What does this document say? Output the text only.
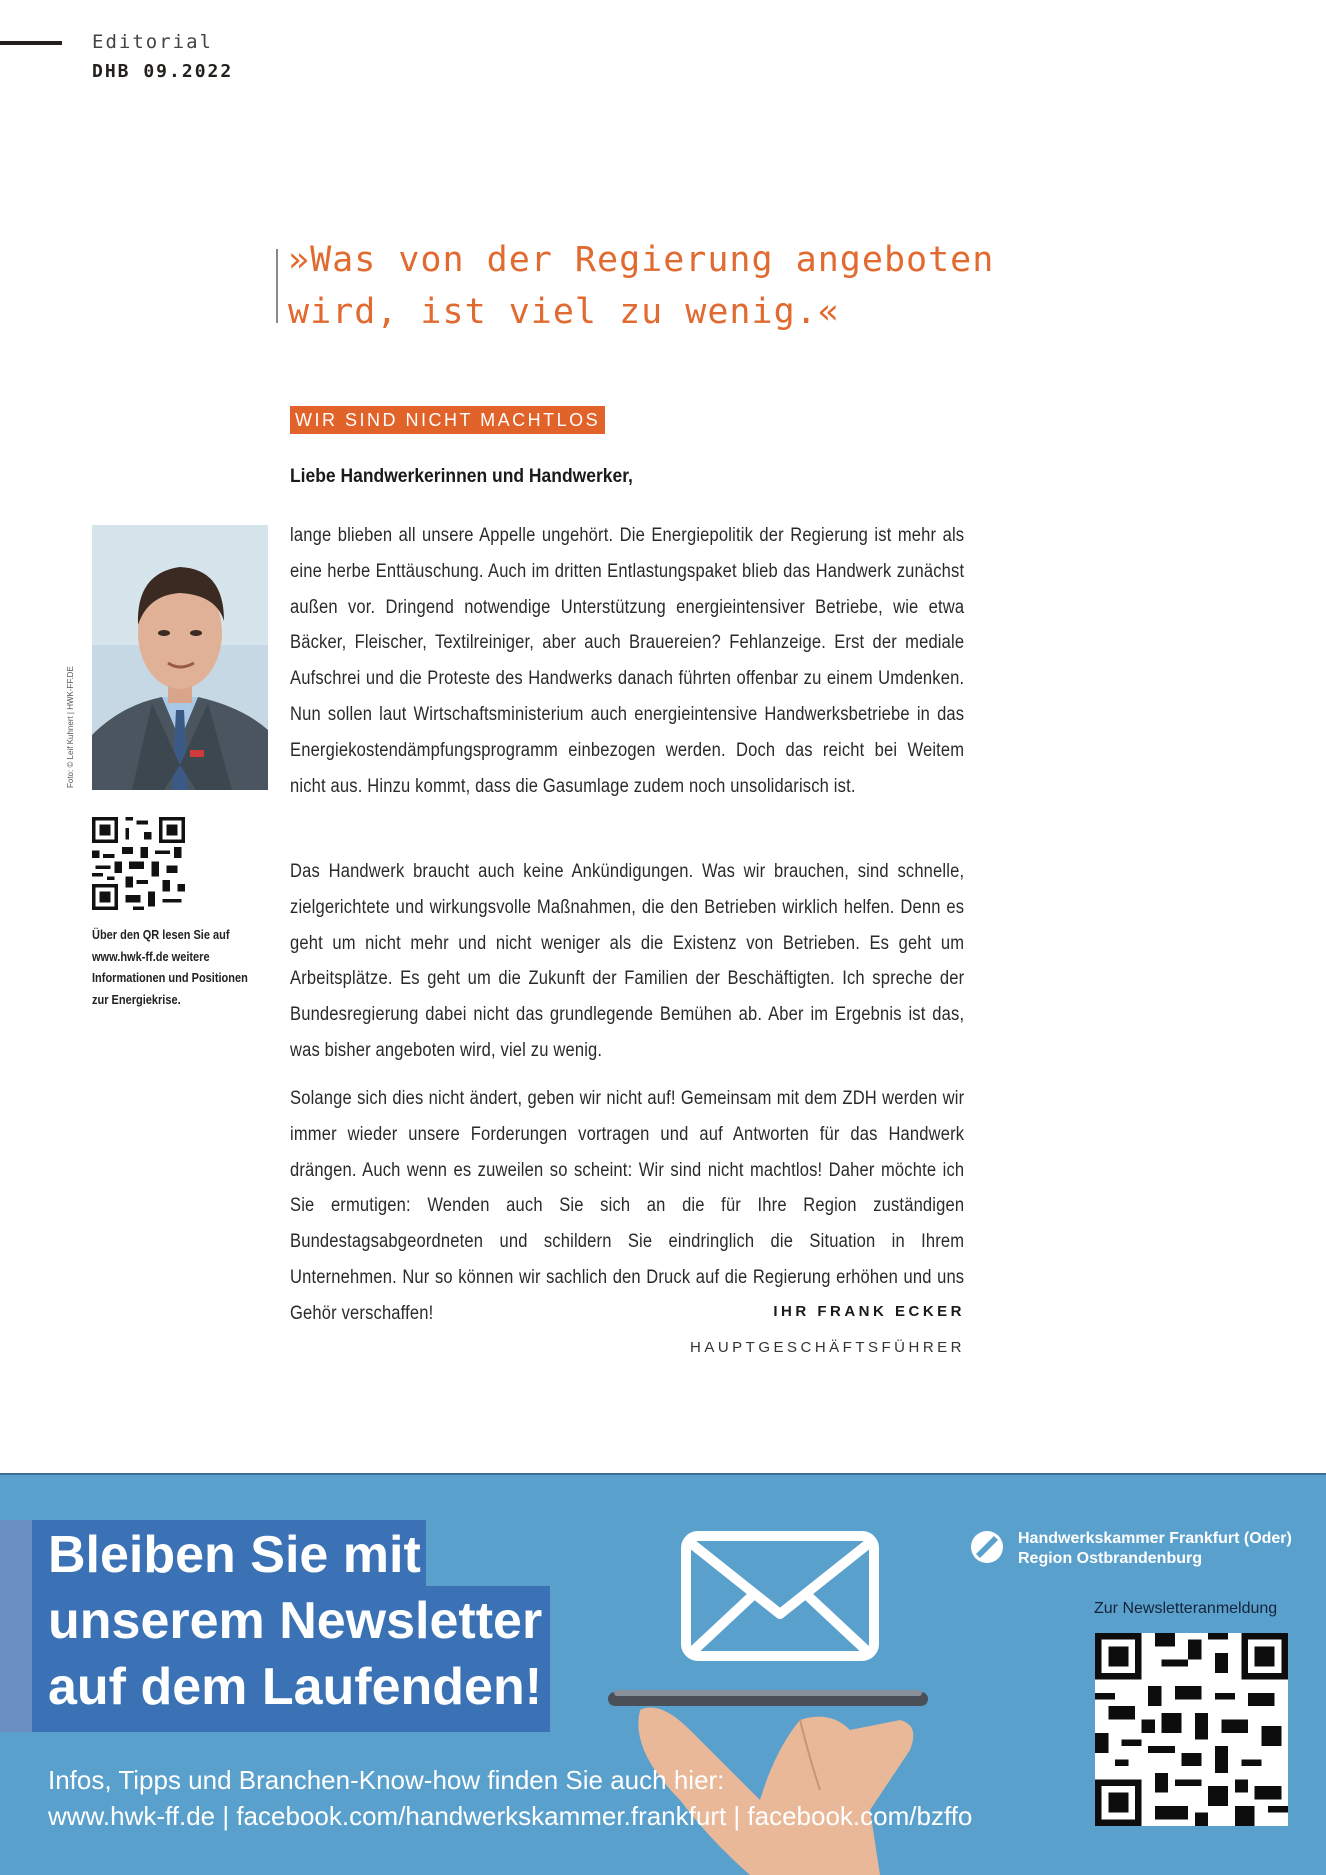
Editorial
DHB 09.2022
»Was von der Regierung angeboten
wird, ist viel zu wenig.«
WIR SIND NICHT MACHTLOS
Liebe Handwerkerinnen und Handwerker,
lange blieben all unsere Appelle ungehört. Die Energiepolitik der Regierung ist mehr als eine herbe Enttäuschung. Auch im dritten Entlastungspaket blieb das Handwerk zunächst außen vor. Dringend notwendige Unterstützung energieintensiver Betriebe, wie etwa Bäcker, Fleischer, Textilreiniger, aber auch Brauereien? Fehlanzeige. Erst der mediale Aufschrei und die Proteste des Handwerks danach führten offenbar zu einem Umdenken. Nun sollen laut Wirtschaftsministerium auch energieintensive Handwerksbetriebe in das Energiekostendämpfungsprogramm einbezogen werden. Doch das reicht bei Weitem nicht aus. Hinzu kommt, dass die Gasumlage zudem noch unsolidarisch ist.
Das Handwerk braucht auch keine Ankündigungen. Was wir brauchen, sind schnelle, zielgerichtete und wirkungsvolle Maßnahmen, die den Betrieben wirklich helfen. Denn es geht um nicht mehr und nicht weniger als die Existenz von Betrieben. Es geht um Arbeitsplätze. Es geht um die Zukunft der Familien der Beschäftigten. Ich spreche der Bundesregierung dabei nicht das grundlegende Bemühen ab. Aber im Ergebnis ist das, was bisher angeboten wird, viel zu wenig.
Solange sich dies nicht ändert, geben wir nicht auf! Gemeinsam mit dem ZDH werden wir immer wieder unsere Forderungen vortragen und auf Antworten für das Handwerk drängen. Auch wenn es zuweilen so scheint: Wir sind nicht machtlos! Daher möchte ich Sie ermutigen: Wenden auch Sie sich an die für Ihre Region zuständigen Bundestagsabgeordneten und schildern Sie eindringlich die Situation in Ihrem Unternehmen. Nur so können wir sachlich den Druck auf die Regierung erhöhen und uns Gehör verschaffen!	IHR FRANK ECKER
HAUPTGESCHÄFTSFÜHRER
Foto: © Leif Kuhnert | HWK-FF.DE
Über den QR lesen Sie auf
www.hwk-ff.de weitere
Informationen und Positionen
zur Energiekrise.
Bleiben Sie mit
unserem Newsletter
auf dem Laufenden!
Infos, Tipps und Branchen-Know-how finden Sie auch hier:
www.hwk-ff.de | facebook.com/handwerkskammer.frankfurt | facebook.com/bzffo
Handwerkskammer Frankfurt (Oder)
Region Ostbrandenburg
Zur Newsletteranmeldung
